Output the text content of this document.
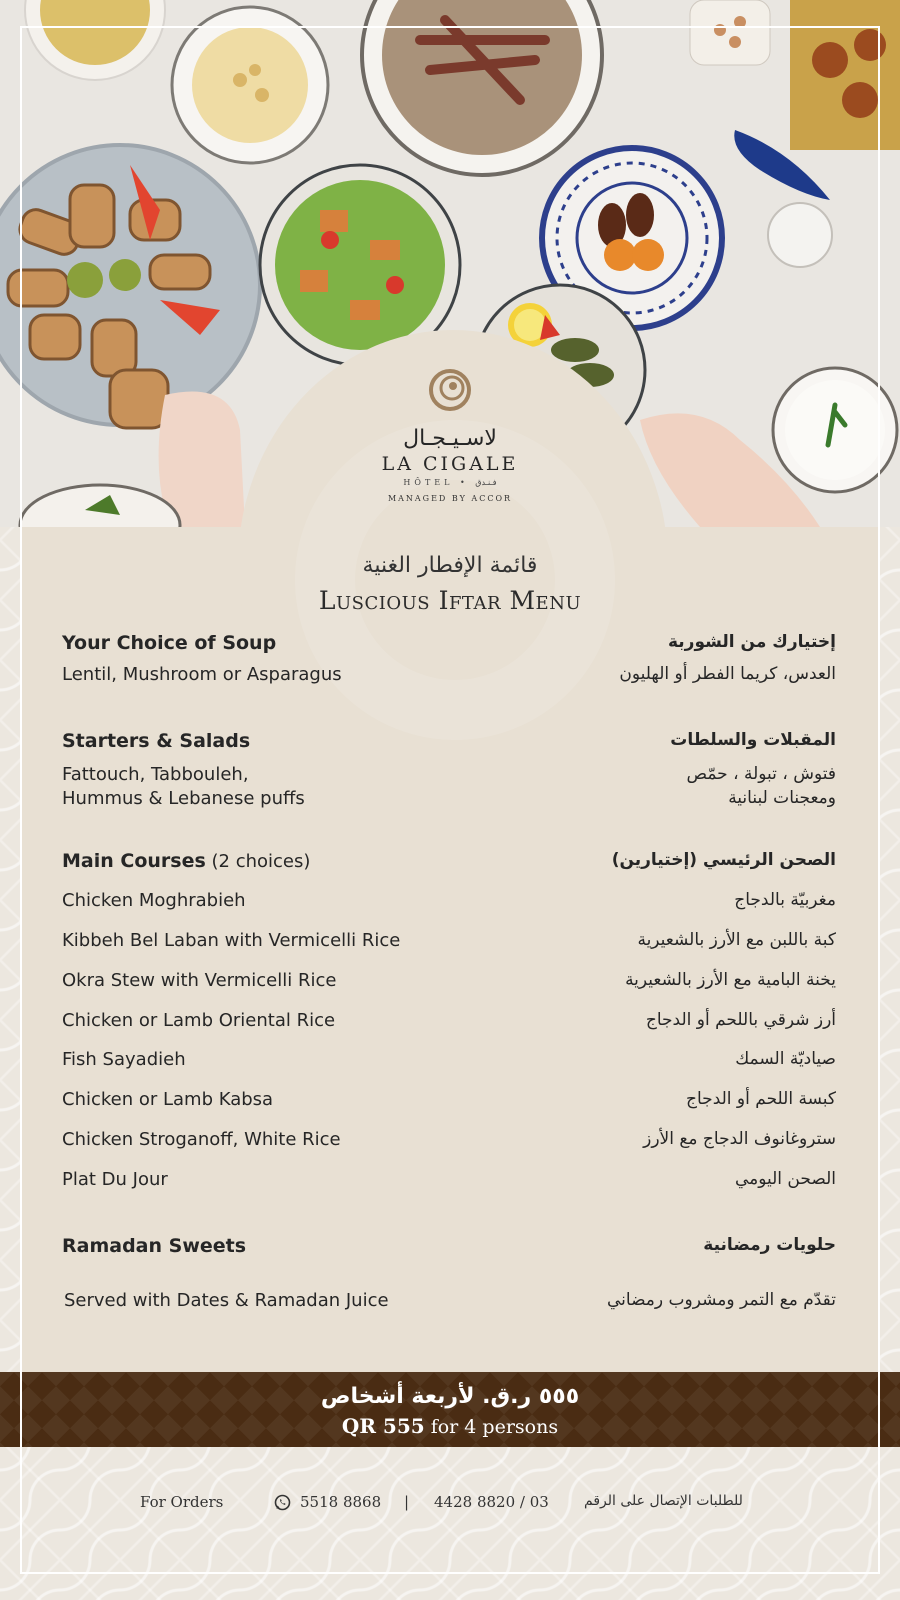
لاسـيـجـال
LA CIGALE
HÔTEL • فـنـدق
MANAGED BY ACCOR
قائمة الإفطار الغنية
Luscious Iftar Menu
Your Choice of Soup	إختيارك من الشوربة
Lentil, Mushroom or Asparagus	العدس، كريما الفطر أو الهليون
Starters & Salads	المقبلات والسلطات
Fattouch, Tabbouleh,	فتوش ، تبولة ، حمّص
Hummus & Lebanese puffs	ومعجنات لبنانية
Main Courses (2 choices)	الصحن الرئيسي (إختيارين)
Chicken Moghrabieh	مغربيّة بالدجاج
Kibbeh Bel Laban with Vermicelli Rice	كبة باللبن مع الأرز بالشعيرية
Okra Stew with Vermicelli Rice	يخنة البامية مع الأرز بالشعيرية
Chicken or Lamb Oriental Rice	أرز شرقي باللحم أو الدجاج
Fish Sayadieh	صياديّة السمك
Chicken or Lamb Kabsa	كبسة اللحم أو الدجاج
Chicken Stroganoff, White Rice	ستروغانوف الدجاج مع الأرز
Plat Du Jour	الصحن اليومي
Ramadan Sweets	حلويات رمضانية
Served with Dates & Ramadan Juice	تقدّم مع التمر ومشروب رمضاني
٥٥٥ ر.ق. لأربعة أشخاص
QR 555 for 4 persons
For Orders	5518 8868 | 4428 8820 / 03	للطلبات الإتصال على الرقم
